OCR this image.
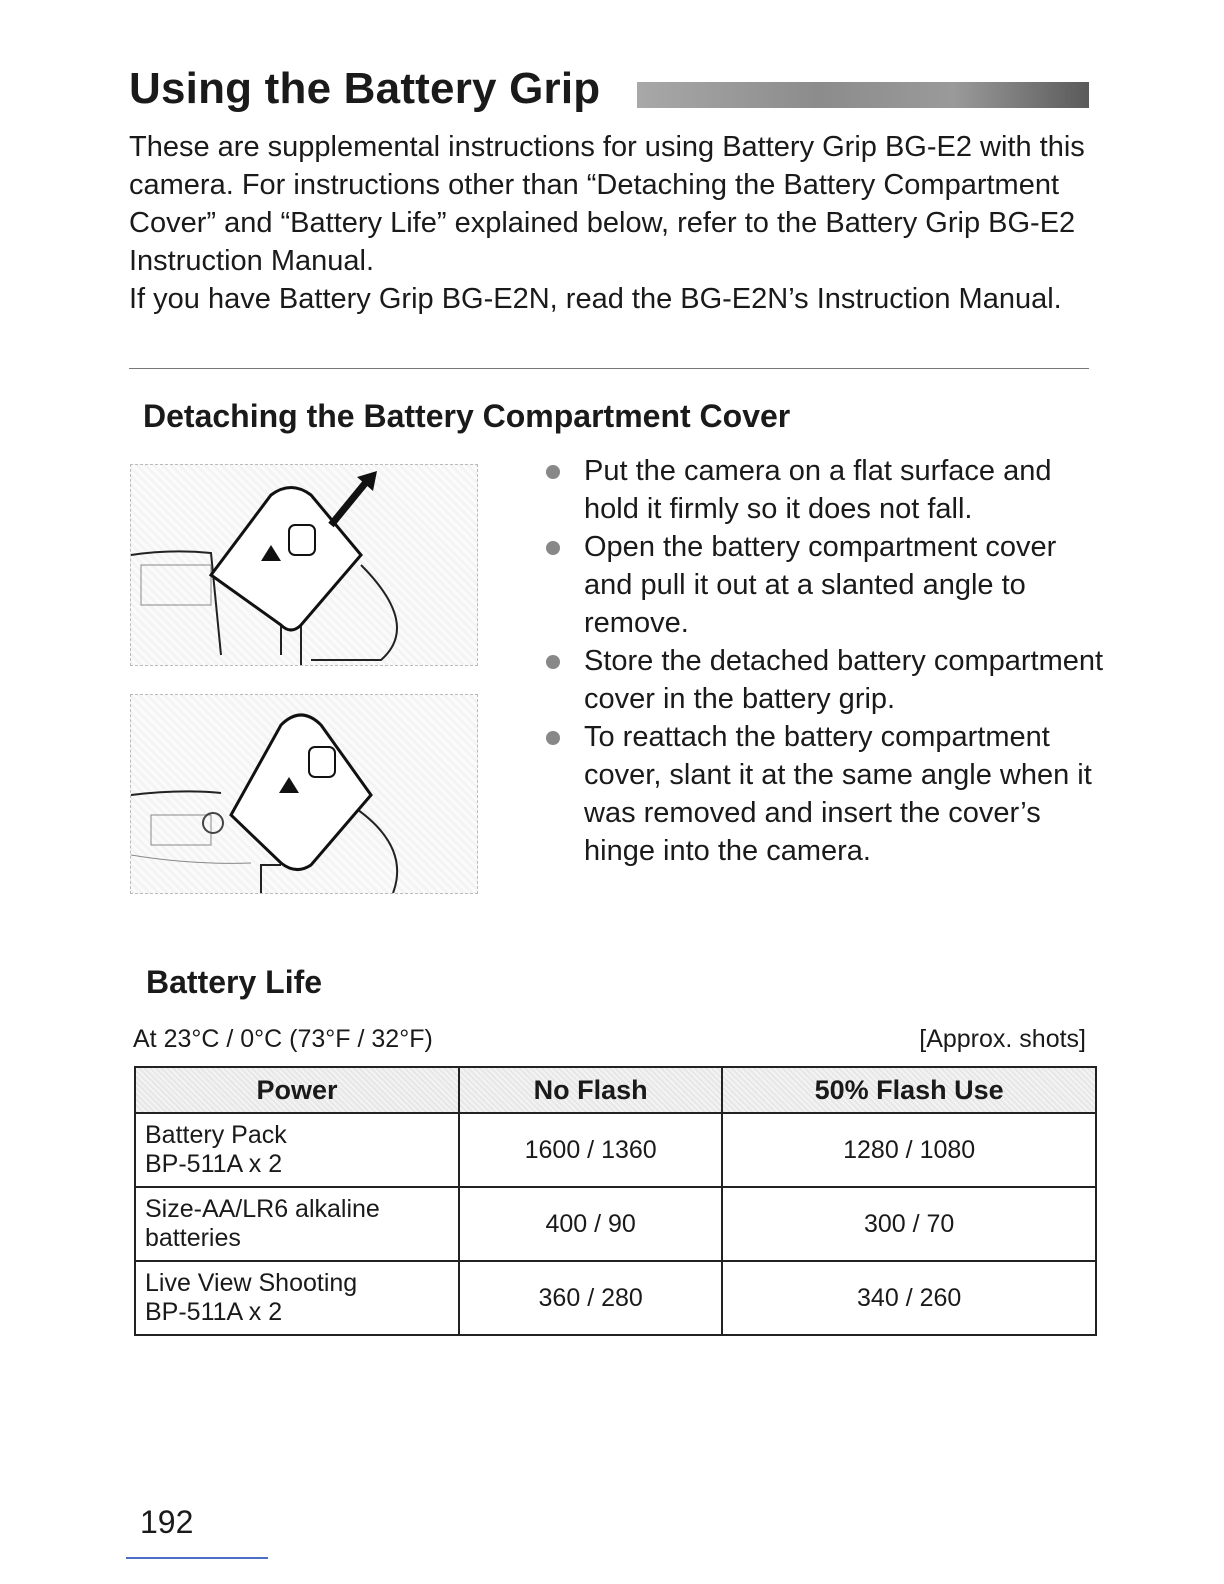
Using the Battery Grip

These are supplemental instructions for using Battery Grip BG-E2 with this camera. For instructions other than “Detaching the Battery Compartment Cover” and “Battery Life” explained below, refer to the Battery Grip BG-E2 Instruction Manual.

If you have Battery Grip BG-E2N, read the BG-E2N’s Instruction Manual.

Detaching the Battery Compartment Cover
Put the camera on a flat surface and hold it firmly so it does not fall.
Open the battery compartment cover and pull it out at a slanted angle to remove.
Store the detached battery compartment cover in the battery grip.
To reattach the battery compartment cover, slant it at the same angle when it was removed and insert the cover’s hinge into the camera.
Battery Life
At 23°C / 0°C (73°F / 32°F)	[Approx. shots]
Power	No Flash	50% Flash Use
Battery Pack
BP-511A x 2	1600 / 1360	1280 / 1080
Size-AA/LR6 alkaline
batteries	400 / 90	300 / 70
Live View Shooting
BP-511A x 2	360 / 280	340 / 260
192
